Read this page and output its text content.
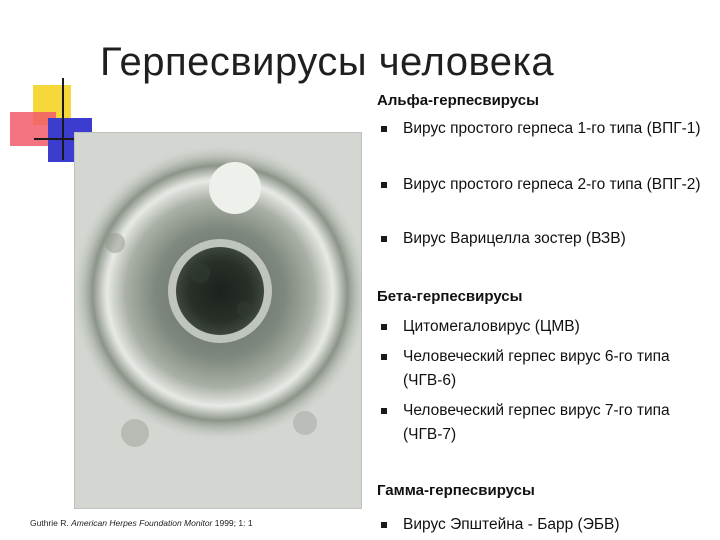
Герпесвирусы человека
Guthrie R. American Herpes Foundation Monitor 1999; 1: 1
Альфа-герпесвирусы
Вирус простого герпеса 1-го типа (ВПГ-1)
Вирус простого герпеса 2-го типа (ВПГ-2)
Вирус Варицелла зостер (ВЗВ)
Бета-герпесвирусы
Цитомегаловирус (ЦМВ)
Человеческий герпес вирус 6-го типа (ЧГВ-6)
Человеческий герпес вирус 7-го типа (ЧГВ-7)
Гамма-герпесвирусы
Вирус Эпштейна - Барр (ЭБВ)
